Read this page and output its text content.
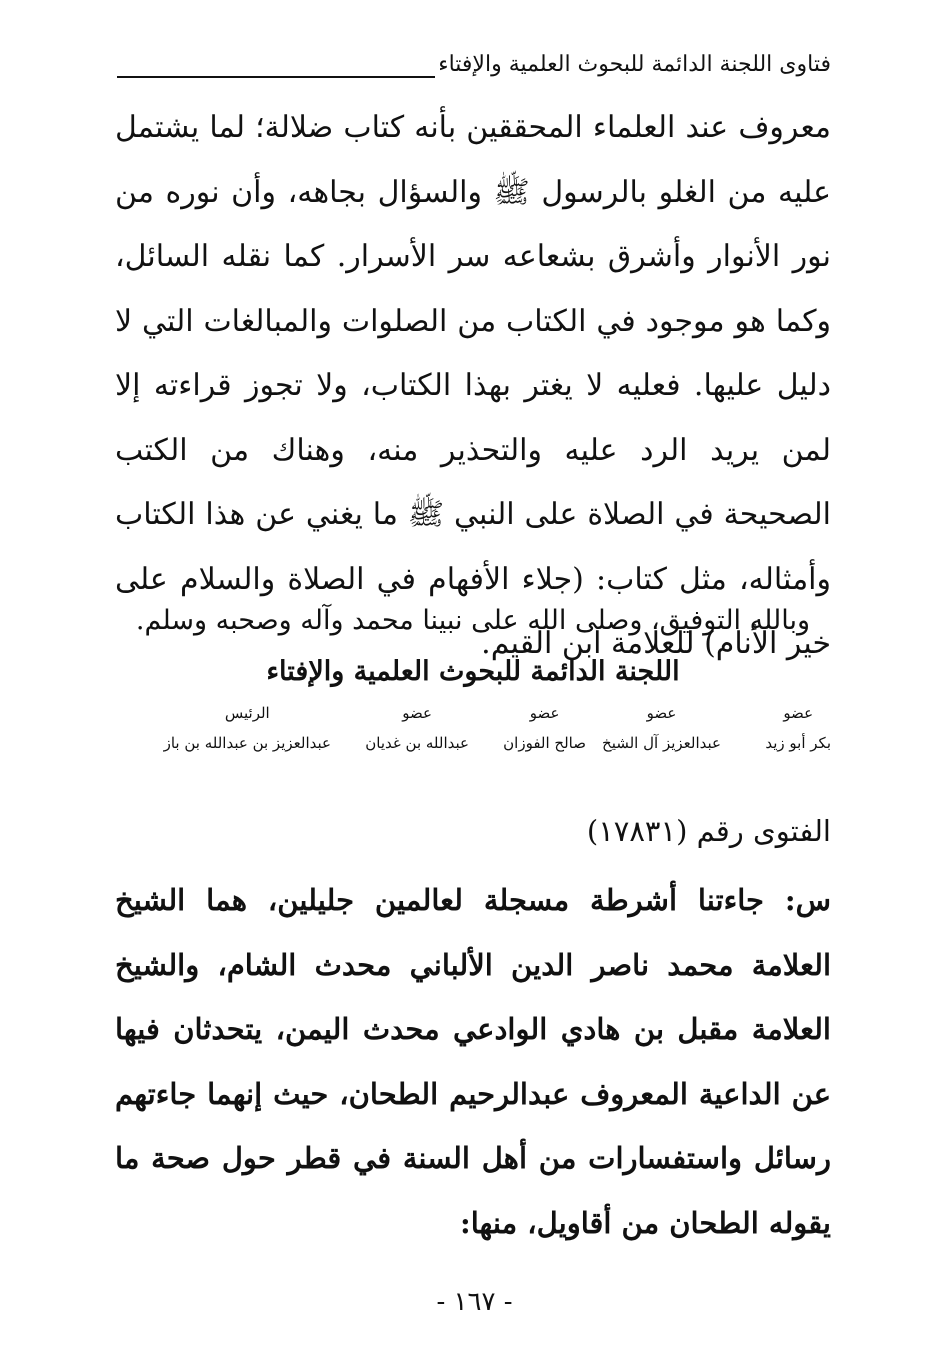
فتاوى اللجنة الدائمة للبحوث العلمية والإفتاء

معروف عند العلماء المحققين بأنه كتاب ضلالة؛ لما يشتمل عليه من الغلو بالرسول ﷺ والسؤال بجاهه، وأن نوره من نور الأنوار وأشرق بشعاعه سر الأسرار. كما نقله السائل، وكما هو موجود في الكتاب من الصلوات والمبالغات التي لا دليل عليها. فعليه لا يغتر بهذا الكتاب، ولا تجوز قراءته إلا لمن يريد الرد عليه والتحذير منه، وهناك من الكتب الصحيحة في الصلاة على النبي ﷺ ما يغني عن هذا الكتاب وأمثاله، مثل كتاب: (جلاء الأفهام في الصلاة والسلام على خير الأنام) للعلامة ابن القيم.

وبالله التوفيق، وصلى الله على نبينا محمد وآله وصحبه وسلم.
اللجنة الدائمة للبحوث العلمية والإفتاء
عضو
بكر أبو زيد
عضو
عبدالعزيز آل الشيخ
عضو
صالح الفوزان
عضو
عبدالله بن غديان
الرئيس
عبدالعزيز بن عبدالله بن باز
الفتوى رقم (١٧٨٣١)

س: جاءتنا أشرطة مسجلة لعالمين جليلين، هما الشيخ العلامة محمد ناصر الدين الألباني محدث الشام، والشيخ العلامة مقبل بن هادي الوادعي محدث اليمن، يتحدثان فيها عن الداعية المعروف عبدالرحيم الطحان، حيث إنهما جاءتهم رسائل واستفسارات من أهل السنة في قطر حول صحة ما يقوله الطحان من أقاويل، منها:

- ١٦٧ -
